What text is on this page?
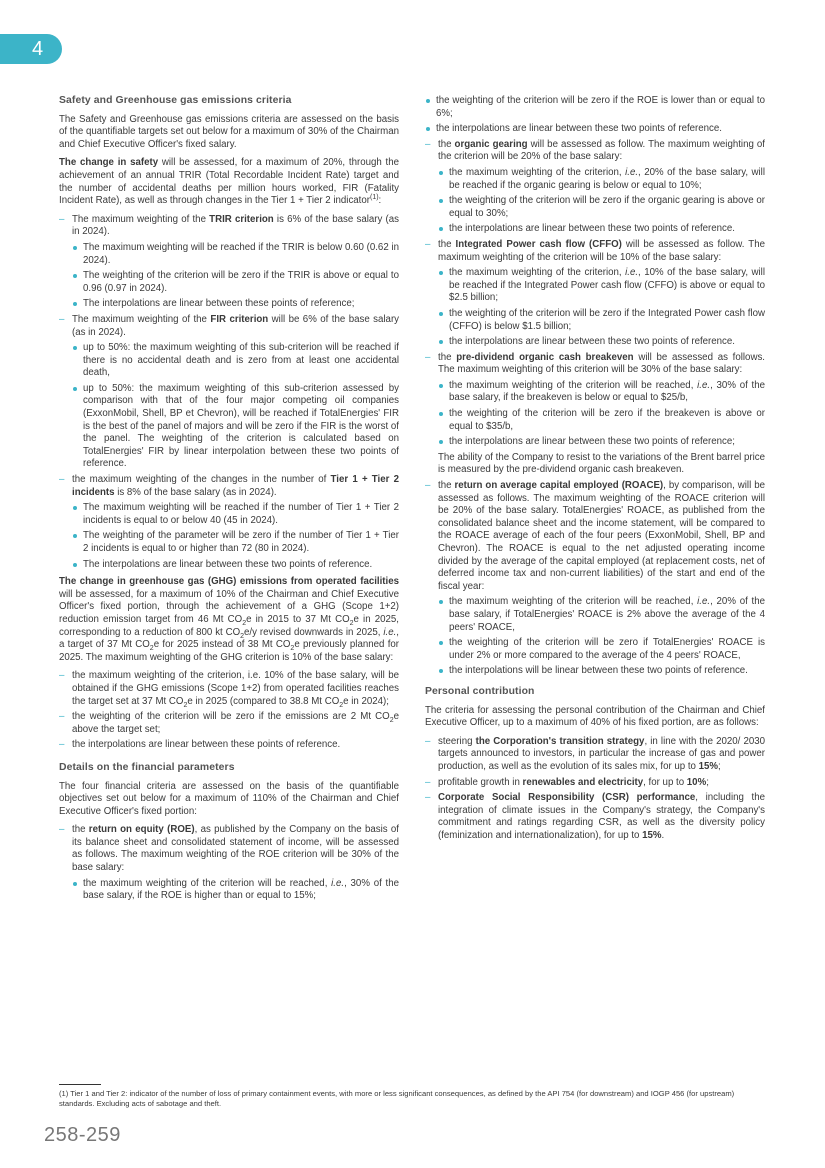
4
Safety and Greenhouse gas emissions criteria

The Safety and Greenhouse gas emissions criteria are assessed on the basis of the quantifiable targets set out below for a maximum of 30% of the Chairman and Chief Executive Officer's fixed salary.

The change in safety will be assessed, for a maximum of 20%, through the achievement of an annual TRIR (Total Recordable Incident Rate) target and the number of accidental deaths per million hours worked, FIR (Fatality Incident Rate), as well as through changes in the Tier 1 + Tier 2 indicator$^{(1)}$:

– The maximum weighting of the TRIR criterion is 6% of the base salary (as in 2024).
The maximum weighting will be reached if the TRIR is below 0.60 (0.62 in 2024).
The weighting of the criterion will be zero if the TRIR is above or equal to 0.96 (0.97 in 2024).
The interpolations are linear between these points of reference;
– The maximum weighting of the FIR criterion will be 6% of the base salary (as in 2024).
up to 50%: the maximum weighting of this sub-criterion will be reached if there is no accidental death and is zero from at least one accidental death,
up to 50%: the maximum weighting of this sub-criterion assessed by comparison with that of the four major competing oil companies (ExxonMobil, Shell, BP et Chevron), will be reached if TotalEnergies' FIR is the best of the panel of majors and will be zero if the FIR is the worst of the panel. The weighting of the criterion is calculated based on TotalEnergies' FIR by linear interpolation between these two points of reference.
– the maximum weighting of the changes in the number of Tier 1 + Tier 2 incidents is 8% of the base salary (as in 2024).
The maximum weighting will be reached if the number of Tier 1 + Tier 2 incidents is equal to or below 40 (45 in 2024).
The weighting of the parameter will be zero if the number of Tier 1 + Tier 2 incidents is equal to or higher than 72 (80 in 2024).
The interpolations are linear between these two points of reference.

The change in greenhouse gas (GHG) emissions from operated facilities will be assessed, for a maximum of 10% of the Chairman and Chief Executive Officer's fixed portion, through the achievement of a GHG (Scope 1+2) reduction emission target from 46 Mt $CO_2e$ in 2015 to 37 Mt $CO_2e$ in 2025, corresponding to a reduction of 800 kt $CO_2e/y$ revised downwards in 2025, i.e., a target of 37 Mt $CO_2e$ for 2025 instead of 38 Mt $CO_2e$ previously planned for 2025. The maximum weighting of the GHG criterion is 10% of the base salary:

– the maximum weighting of the criterion, i.e. 10% of the base salary, will be obtained if the GHG emissions (Scope 1+2) from operated facilities reaches the target set at 37 Mt $CO_2e$ in 2025 (compared to 38.8 Mt $CO_2e$ in 2024);
– the weighting of the criterion will be zero if the emissions are 2 Mt $CO_2e$ above the target set;
– the interpolations are linear between these points of reference.
Details on the financial parameters

The four financial criteria are assessed on the basis of the quantifiable objectives set out below for a maximum of 110% of the Chairman and Chief Executive Officer's fixed portion:

– the return on equity (ROE), as published by the Company on the basis of its balance sheet and consolidated statement of income, will be assessed as follows. The maximum weighting of the ROE criterion will be 30% of the base salary:
the maximum weighting of the criterion will be reached, i.e., 30% of the base salary, if the ROE is higher than or equal to 15%;
the weighting of the criterion will be zero if the ROE is lower than or equal to 6%;
the interpolations are linear between these two points of reference.
– the organic gearing will be assessed as follow. The maximum weighting of the criterion will be 20% of the base salary:
the maximum weighting of the criterion, i.e., 20% of the base salary, will be reached if the organic gearing is below or equal to 10%;
the weighting of the criterion will be zero if the organic gearing is above or equal to 30%;
the interpolations are linear between these two points of reference.
– the Integrated Power cash flow (CFFO) will be assessed as follow. The maximum weighting of the criterion will be 10% of the base salary:
the maximum weighting of the criterion, i.e., 10% of the base salary, will be reached if the Integrated Power cash flow (CFFO) is above or equal to $2.5 billion;
the weighting of the criterion will be zero if the Integrated Power cash flow (CFFO) is below $1.5 billion;
the interpolations are linear between these two points of reference.
– the pre-dividend organic cash breakeven will be assessed as follows. The maximum weighting of this criterion will be 30% of the base salary:
the maximum weighting of the criterion will be reached, i.e., 30% of the base salary, if the breakeven is below or equal to $25/b,
the weighting of the criterion will be zero if the breakeven is above or equal to $35/b,
the interpolations are linear between these two points of reference;
The ability of the Company to resist to the variations of the Brent barrel price is measured by the pre-dividend organic cash breakeven.
– the return on average capital employed (ROACE), by comparison, will be assessed as follows. The maximum weighting of the ROACE criterion will be 20% of the base salary. TotalEnergies' ROACE, as published from the consolidated balance sheet and the income statement, will be compared to the ROACE average of each of the four peers (ExxonMobil, Shell, BP and Chevron). The ROACE is equal to the net adjusted operating income divided by the average of the capital employed (at replacement costs, net of deferred income tax and non-current liabilities) of the start and end of the fiscal year:
the maximum weighting of the criterion will be reached, i.e., 20% of the base salary, if TotalEnergies' ROACE is 2% above the average of the 4 peers' ROACE,
the weighting of the criterion will be zero if TotalEnergies' ROACE is under 2% or more compared to the average of the 4 peers' ROACE,
the interpolations will be linear between these two points of reference.
Personal contribution

The criteria for assessing the personal contribution of the Chairman and Chief Executive Officer, up to a maximum of 40% of his fixed portion, are as follows:

– steering the Corporation's transition strategy, in line with the 2020/ 2030 targets announced to investors, in particular the increase of gas and power production, as well as the evolution of its sales mix, for up to 15%;
– profitable growth in renewables and electricity, for up to 10%;
– Corporate Social Responsibility (CSR) performance, including the integration of climate issues in the Company's strategy, the Company's commitment and ratings regarding CSR, as well as the diversity policy (feminization and internationalization), for up to 15%.
(1) Tier 1 and Tier 2: indicator of the number of loss of primary containment events, with more or less significant consequences, as defined by the API 754 (for downstream) and IOGP 456 (for upstream) standards. Excluding acts of sabotage and theft.
258-259
